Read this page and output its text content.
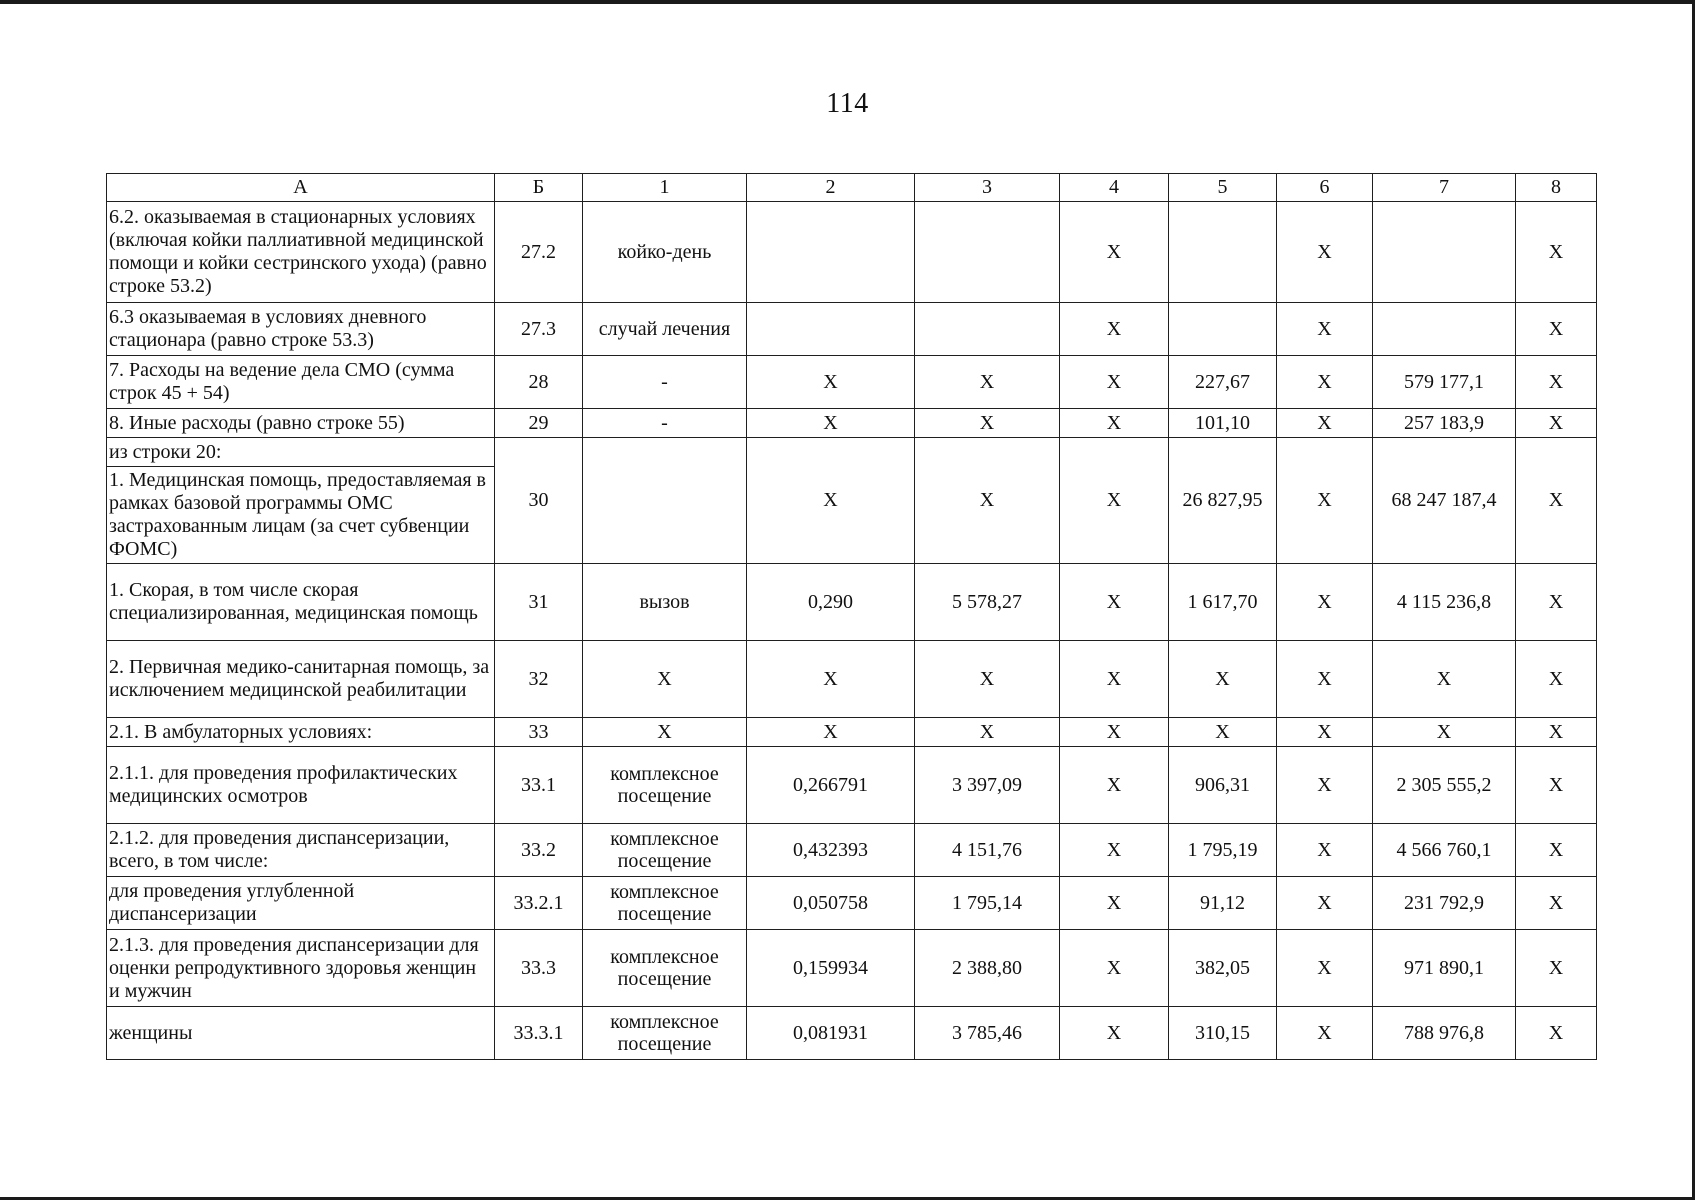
114
А	Б	1	2	3	4	5	6	7	8
6.2. оказываемая в стационарных условиях (включая койки паллиативной медицинской помощи и койки сестринского ухода) (равно строке 53.2)	27.2	койко-день			X		X		X
6.3 оказываемая в условиях дневного стационара (равно строке 53.3)	27.3	случай лечения			X		X		X
7. Расходы на ведение дела СМО (сумма строк 45 + 54)	28	-	X	X	X	227,67	X	579 177,1	X
8. Иные расходы (равно строке 55)	29	-	X	X	X	101,10	X	257 183,9	X
из строки 20:	30		X	X	X	26 827,95	X	68 247 187,4	X
1. Медицинская помощь, предоставляемая в рамках базовой программы ОМС застрахованным лицам (за счет субвенции ФОМС)									
1. Скорая, в том числе скорая специализированная, медицинская помощь	31	вызов	0,290	5 578,27	X	1 617,70	X	4 115 236,8	X
2. Первичная медико-санитарная помощь, за исключением медицинской реабилитации	32	X	X	X	X	X	X	X	X
2.1. В амбулаторных условиях:	33	X	X	X	X	X	X	X	X
2.1.1. для проведения профилактических медицинских осмотров	33.1	комплексное посещение	0,266791	3 397,09	X	906,31	X	2 305 555,2	X
2.1.2. для проведения диспансеризации, всего, в том числе:	33.2	комплексное посещение	0,432393	4 151,76	X	1 795,19	X	4 566 760,1	X
для проведения углубленной диспансеризации	33.2.1	комплексное посещение	0,050758	1 795,14	X	91,12	X	231 792,9	X
2.1.3. для проведения диспансеризации для оценки репродуктивного здоровья женщин и мужчин	33.3	комплексное посещение	0,159934	2 388,80	X	382,05	X	971 890,1	X
женщины	33.3.1	комплексное посещение	0,081931	3 785,46	X	310,15	X	788 976,8	X
